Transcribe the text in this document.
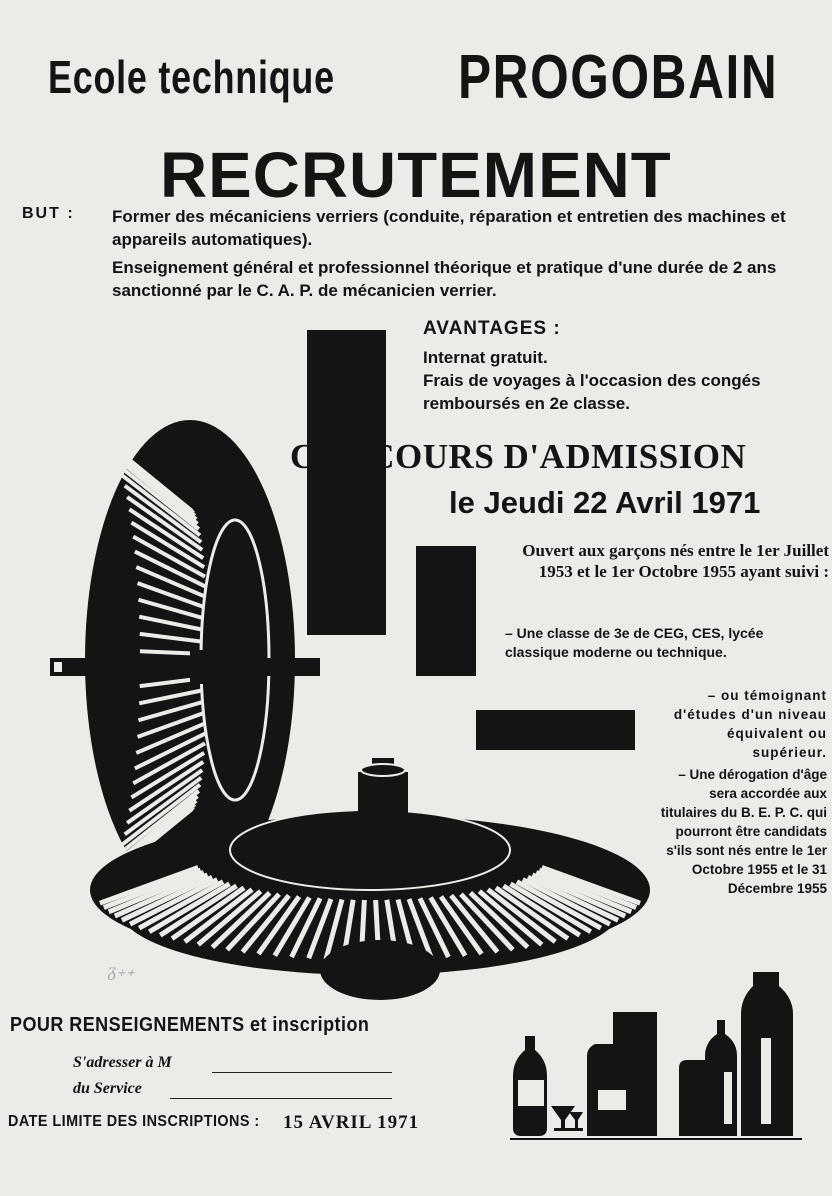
Ecole technique PROGOBAIN
RECRUTEMENT
BUT : Former des mécaniciens verriers (conduite, réparation et entretien des machines et appareils automatiques).
Enseignement général et professionnel théorique et pratique d'une durée de 2 ans sanctionné par le C. A. P. de mécanicien verrier.
AVANTAGES :
Internat gratuit.
Frais de voyages à l'occasion des congés remboursés en 2e classe.
CONCOURS D'ADMISSION
le Jeudi 22 Avril 1971
Ouvert aux garçons nés entre le 1er Juillet 1953 et le 1er Octobre 1955 ayant suivi :
– Une classe de 3e de CEG, CES, lycée classique moderne ou technique.
– ou témoignant d'études d'un niveau équivalent ou supérieur.
– Une dérogation d'âge sera accordée aux titulaires du B. E. P. C. qui pourront être candidats s'ils sont nés entre le 1er Octobre 1955 et le 31 Décembre 1955
ᵹ₊₊
POUR RENSEIGNEMENTS et inscription
S'adresser à M
du Service
DATE LIMITE DES INSCRIPTIONS : 15 AVRIL 1971
